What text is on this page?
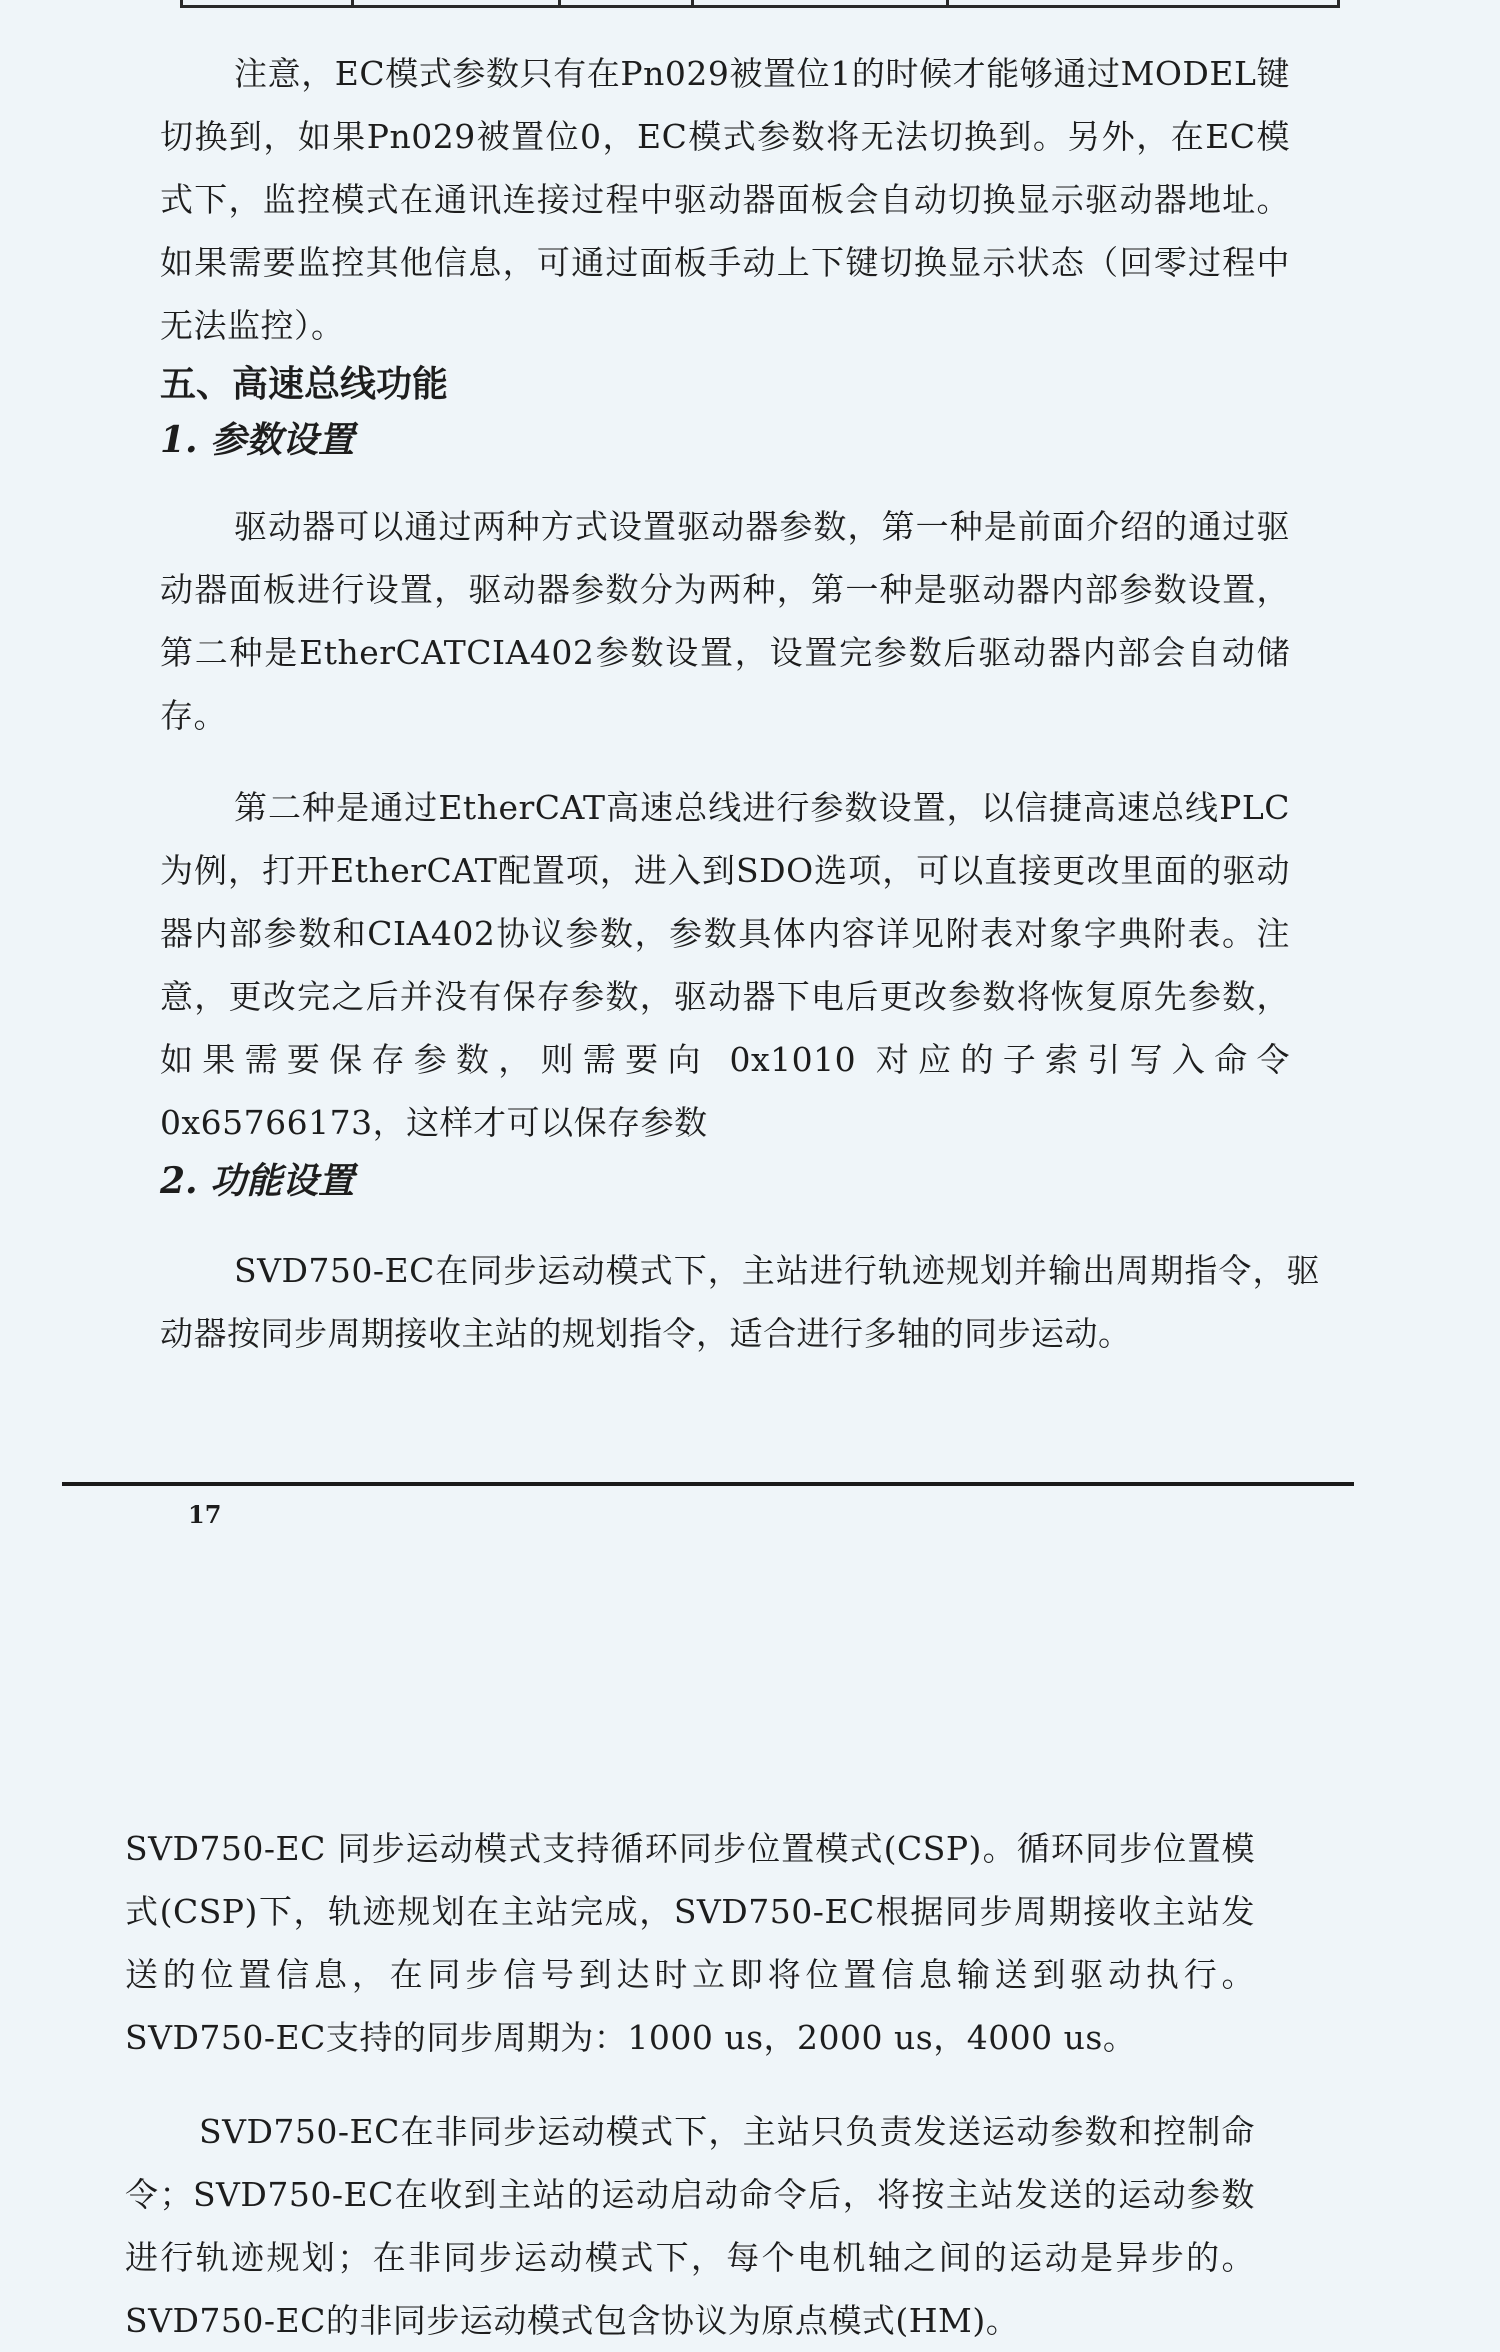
注意，EC模式参数只有在Pn029被置位1的时候才能够通过MODEL键切换到，如果Pn029被置位0，EC模式参数将无法切换到。另外，在EC模式下，监控模式在通讯连接过程中驱动器面板会自动切换显示驱动器地址。如果需要监控其他信息，可通过面板手动上下键切换显示状态（回零过程中无法监控）。

五、高速总线功能
1. 参数设置

驱动器可以通过两种方式设置驱动器参数，第一种是前面介绍的通过驱动器面板进行设置，驱动器参数分为两种，第一种是驱动器内部参数设置，第二种是EtherCATCIA402参数设置，设置完参数后驱动器内部会自动储存。

第二种是通过EtherCAT高速总线进行参数设置，以信捷高速总线PLC为例，打开EtherCAT配置项，进入到SDO选项，可以直接更改里面的驱动器内部参数和CIA402协议参数，参数具体内容详见附表对象字典附表。注意，更改完之后并没有保存参数，驱动器下电后更改参数将恢复原先参数，如果需要保存参数，则需要向 0x1010 对应的子索引写入命令 0x65766173，这样才可以保存参数

2. 功能设置

SVD750-EC在同步运动模式下，主站进行轨迹规划并输出周期指令，驱动器按同步周期接收主站的规划指令，适合进行多轴的同步运动。

17

SVD750-EC 同步运动模式支持循环同步位置模式(CSP)。循环同步位置模式(CSP)下，轨迹规划在主站完成，SVD750-EC根据同步周期接收主站发送的位置信息，在同步信号到达时立即将位置信息输送到驱动执行。SVD750-EC支持的同步周期为：1000 us，2000 us，4000 us。

SVD750-EC在非同步运动模式下，主站只负责发送运动参数和控制命令；SVD750-EC在收到主站的运动启动命令后，将按主站发送的运动参数进行轨迹规划；在非同步运动模式下，每个电机轴之间的运动是异步的。SVD750-EC的非同步运动模式包含协议为原点模式(HM)。
